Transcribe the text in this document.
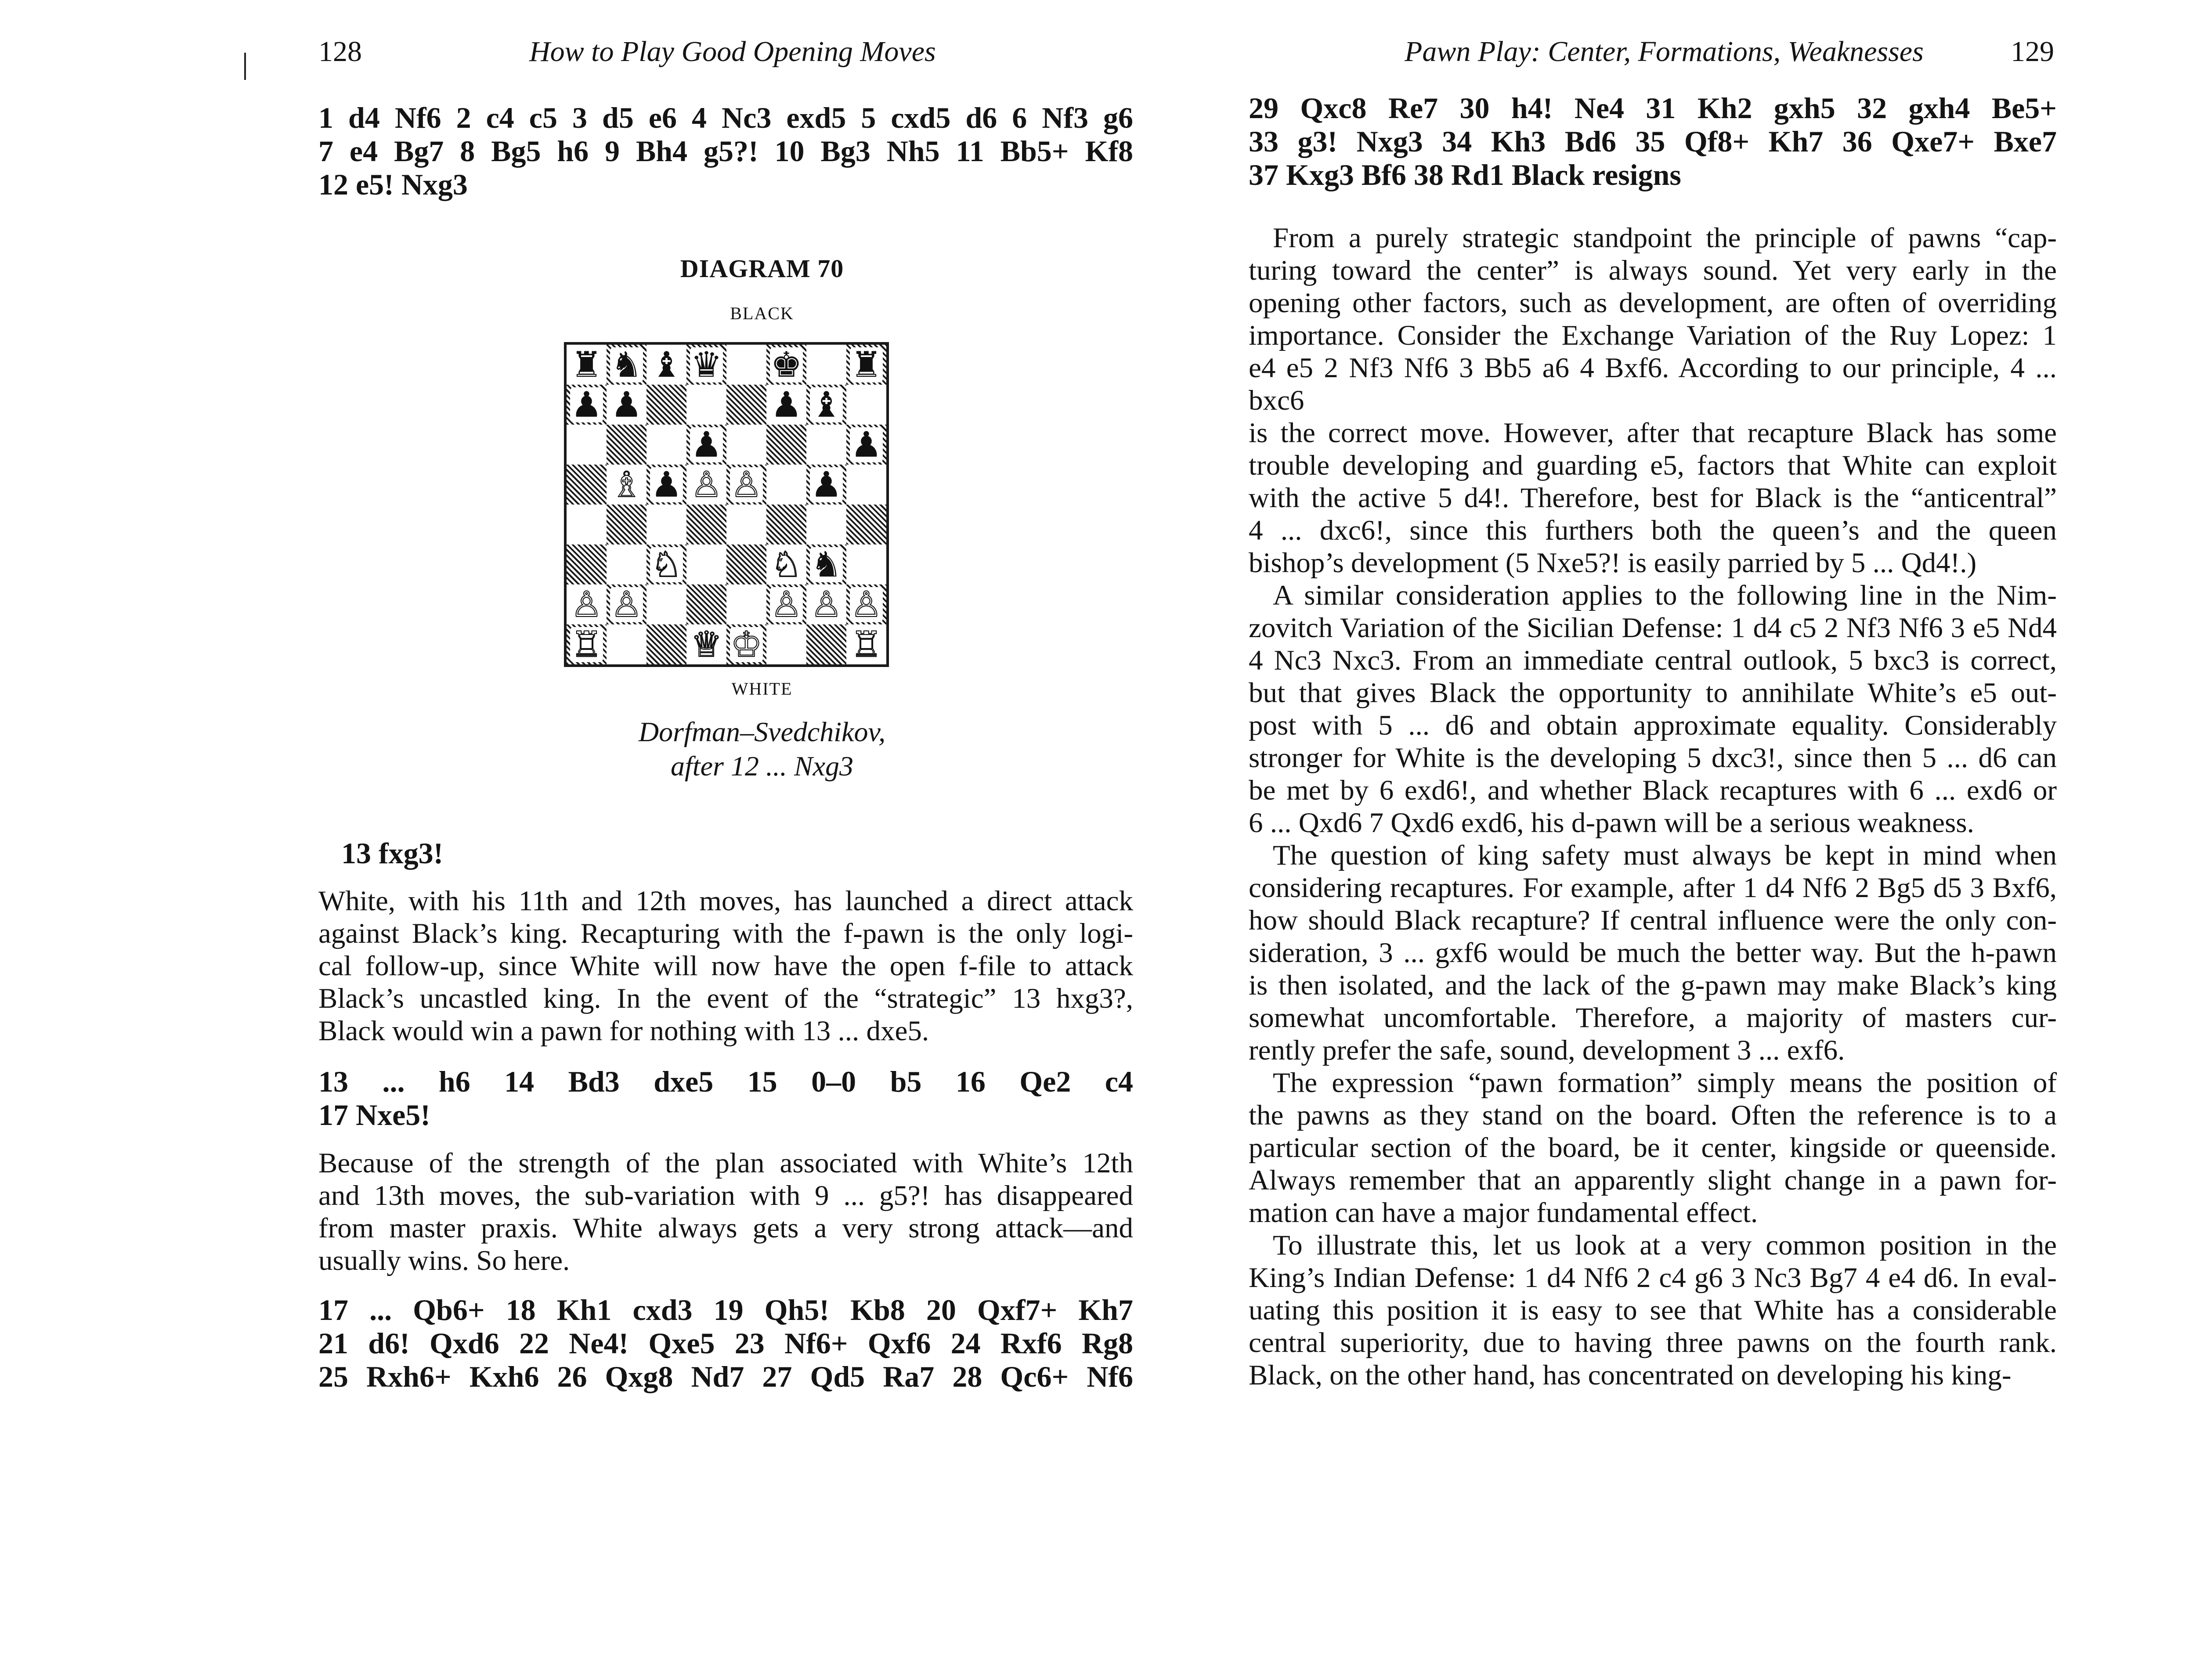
128	How to Play Good Opening Moves

1 d4 Nf6 2 c4 c5 3 d5 e6 4 Nc3 exd5 5 cxd5 d6 6 Nf3 g6

7 e4 Bg7 8 Bg5 h6 9 Bh4 g5?! 10 Bg3 Nh5 11 Bb5+ Kf8

12 e5! Nxg3

DIAGRAM 70
BLACK
♜ ♞ ♝ ♛ ♚ ♜
♟ ♟	♟ ♝
♟	♟
♗ ♟ ♙ ♙ ♟
♘	♘ ♞
♙ ♙	♙ ♙ ♙
♖	♕ ♔	♖
WHITE
Dorfman–Svedchikov,
after 12 ... Nxg3
13 fxg3!

White, with his 11th and 12th moves, has launched a direct attack

against Black’s king. Recapturing with the f-pawn is the only logi-

cal follow-up, since White will now have the open f-file to attack

Black’s uncastled king. In the event of the “strategic” 13 hxg3?,

Black would win a pawn for nothing with 13 ... dxe5.

13 ... h6 14 Bd3 dxe5 15 0–0 b5 16 Qe2 c4

17 Nxe5!

Because of the strength of the plan associated with White’s 12th

and 13th moves, the sub-variation with 9 ... g5?! has disappeared

from master praxis. White always gets a very strong attack—and

usually wins. So here.

17 ... Qb6+ 18 Kh1 cxd3 19 Qh5! Kb8 20 Qxf7+ Kh7

21 d6! Qxd6 22 Ne4! Qxe5 23 Nf6+ Qxf6 24 Rxf6 Rg8

25 Rxh6+ Kxh6 26 Qxg8 Nd7 27 Qd5 Ra7 28 Qc6+ Nf6

Pawn Play: Center, Formations, Weaknesses	129

29 Qxc8 Re7 30 h4! Ne4 31 Kh2 gxh5 32 gxh4 Be5+

33 g3! Nxg3 34 Kh3 Bd6 35 Qf8+ Kh7 36 Qxe7+ Bxe7

37 Kxg3 Bf6 38 Rd1 Black resigns

From a purely strategic standpoint the principle of pawns “cap-

turing toward the center” is always sound. Yet very early in the

opening other factors, such as development, are often of overriding

importance. Consider the Exchange Variation of the Ruy Lopez: 1

e4 e5 2 Nf3 Nf6 3 Bb5 a6 4 Bxf6. According to our principle, 4 ... bxc6

is the correct move. However, after that recapture Black has some

trouble developing and guarding e5, factors that White can exploit

with the active 5 d4!. Therefore, best for Black is the “anticentral”

4 ... dxc6!, since this furthers both the queen’s and the queen

bishop’s development (5 Nxe5?! is easily parried by 5 ... Qd4!.)

A similar consideration applies to the following line in the Nim-

zovitch Variation of the Sicilian Defense: 1 d4 c5 2 Nf3 Nf6 3 e5 Nd4

4 Nc3 Nxc3. From an immediate central outlook, 5 bxc3 is correct,

but that gives Black the opportunity to annihilate White’s e5 out-

post with 5 ... d6 and obtain approximate equality. Considerably

stronger for White is the developing 5 dxc3!, since then 5 ... d6 can

be met by 6 exd6!, and whether Black recaptures with 6 ... exd6 or

6 ... Qxd6 7 Qxd6 exd6, his d-pawn will be a serious weakness.

The question of king safety must always be kept in mind when

considering recaptures. For example, after 1 d4 Nf6 2 Bg5 d5 3 Bxf6,

how should Black recapture? If central influence were the only con-

sideration, 3 ... gxf6 would be much the better way. But the h-pawn

is then isolated, and the lack of the g-pawn may make Black’s king

somewhat uncomfortable. Therefore, a majority of masters cur-

rently prefer the safe, sound, development 3 ... exf6.

The expression “pawn formation” simply means the position of

the pawns as they stand on the board. Often the reference is to a

particular section of the board, be it center, kingside or queenside.

Always remember that an apparently slight change in a pawn for-

mation can have a major fundamental effect.

To illustrate this, let us look at a very common position in the

King’s Indian Defense: 1 d4 Nf6 2 c4 g6 3 Nc3 Bg7 4 e4 d6. In eval-

uating this position it is easy to see that White has a considerable

central superiority, due to having three pawns on the fourth rank.

Black, on the other hand, has concentrated on developing his king-
